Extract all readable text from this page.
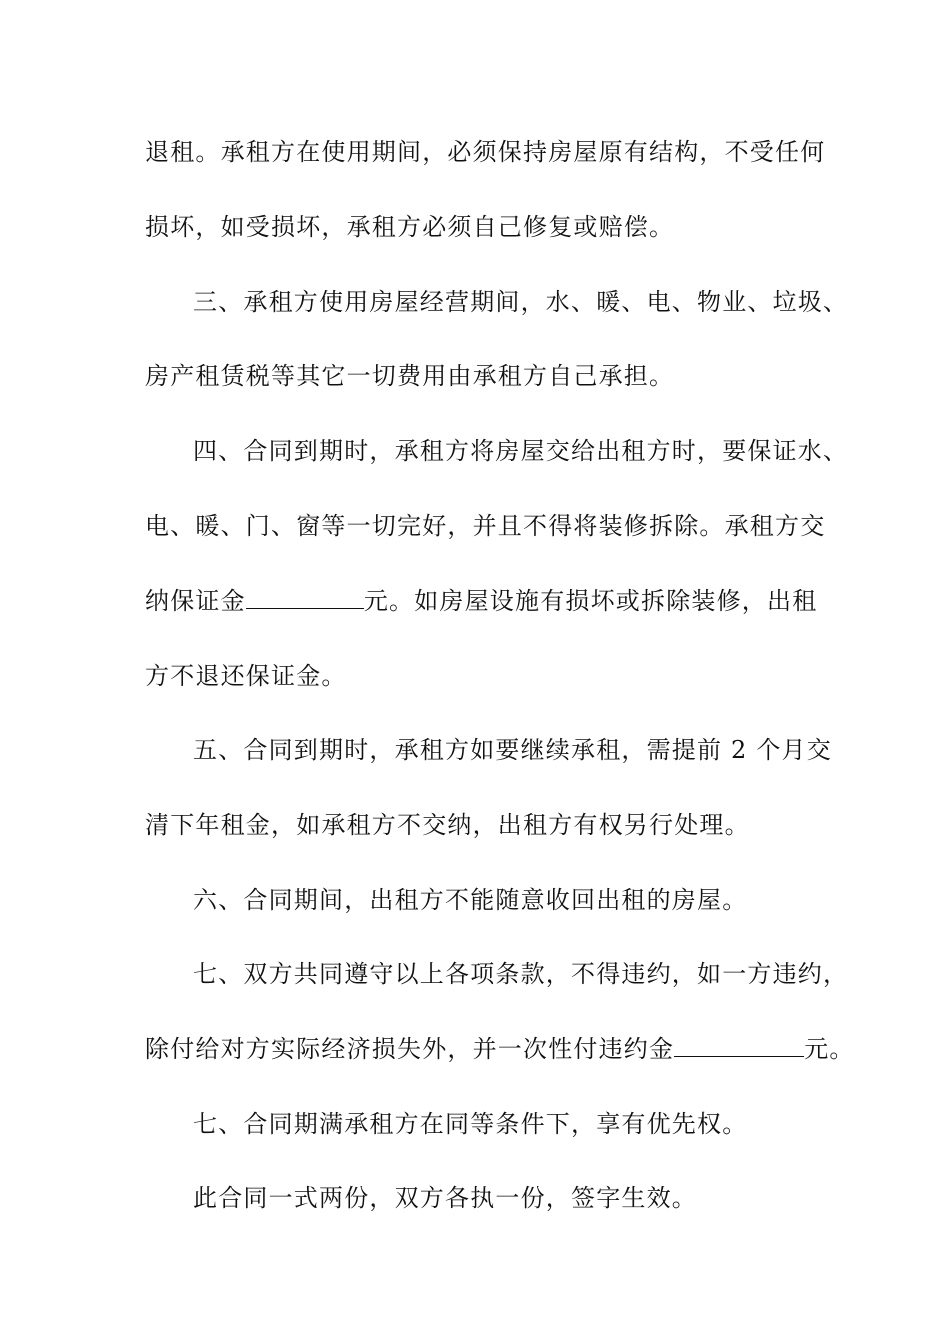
退租。承租方在使用期间，必须保持房屋原有结构，不受任何
损坏，如受损坏，承租方必须自己修复或赔偿。
三、承租方使用房屋经营期间，水、暖、电、物业、垃圾、
房产租赁税等其它一切费用由承租方自己承担。
四、合同到期时，承租方将房屋交给出租方时，要保证水、
电、暖、门、窗等一切完好，并且不得将装修拆除。承租方交
纳保证金	元。如房屋设施有损坏或拆除装修，出租
方不退还保证金。
五、合同到期时，承租方如要继续承租，需提前 2 个月交
清下年租金，如承租方不交纳，出租方有权另行处理。
六、合同期间，出租方不能随意收回出租的房屋。
七、双方共同遵守以上各项条款，不得违约，如一方违约，
除付给对方实际经济损失外，并一次性付违约金	元。
七、合同期满承租方在同等条件下，享有优先权。
此合同一式两份，双方各执一份，签字生效。
